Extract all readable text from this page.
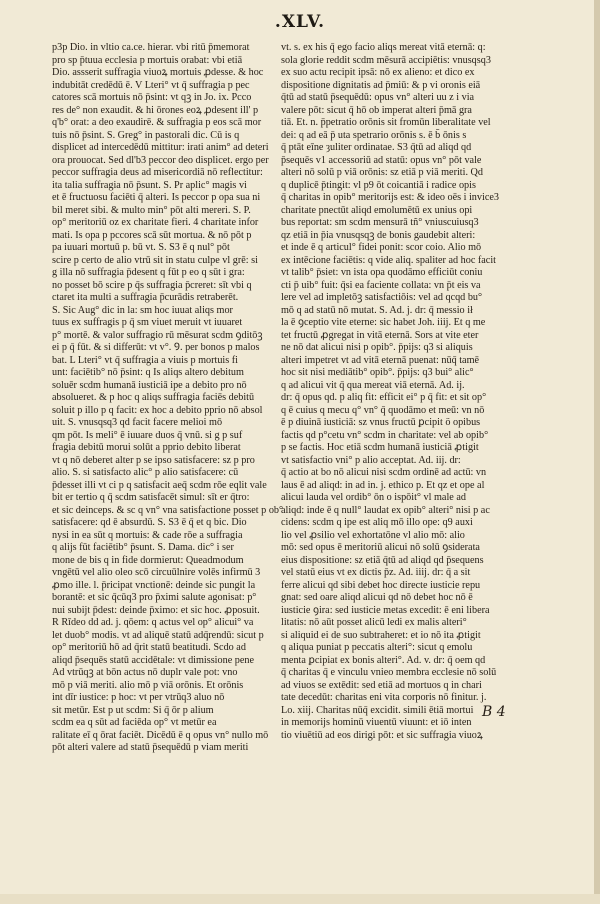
.XLV.
p3p Dio. in vltio ca.ce. hierar. vbi ritū p̄memorat
pro sp p̄tuua ecclesia p mortuis orabat: vbi etiā
Dio. assserit suffragia viuoꝝ mortuis ꝓdesse. & hoc
indubitāt credēdū ē. V Lteri° vt q̄ suffragia p pec
catores scā mortuis nō p̄sint: vt qꝫ in Jo. ix. Pcco
res de° non exaudit. & hi ōrones eoꝝ ꝓdesent ill' p
q'b° orat: a deo exaudirē. & suffragia p eos scā mor
tuis nō p̄sint. S. Greg° in pastorali dic. Cū is q
displicet ad intercedēdū mittitur: irati anim° ad deteri
ora prouocat. Sed dl'b3 peccor deo displicet. ergo per
peccor suffragia deus ad misericordiā nō reflectitur:
ita talia suffragia nō p̄sunt. S. Pr aplic° magis vi
et ē fructuosu faciēti q̄ alteri. Is peccor p opa sua ni
bil meret sibi. & multo min° pōt alti mereri. S. P.
op° meritoriū oz ex charitate fieri. 4 charitate infor
mati. Is opa p pccores scā sūt mortua. & nō pōt p
pa iuuari mortuū p. bū vt. S. S3 ē q nul° pōt
scire p certo de alio vtrū sit in statu culpe vl grē: si
g illa nō suffragia p̄desent q fūt p eo q sūt i gra:
no posset bō scire p q̄s suffragia p̄creret: sīt vbi q
ctaret ita multi a suffragia p̄curādis retraberēt.
S. Sic Aug° dic in la: sm hoc iuuat aliqs mor
tuus ex suffragis p q̄ sm viuet meruit vt iuuaret
p° mortē. & valor suffragio rū mēsurat scdm ꝯditōꝫ
ei p q̄ fūt. & si differūt: vt v°. Ꝯ. per bonos p malos
bat. L Lteri° vt q̄ suffragia a viuis p mortuis fi
unt: faciētib° nō p̄sint: q Is aliqs altero debitum
soluēr scdm humanā iusticiā ipe a debito pro nō
absolueret. & p hoc q aliqs suffragia faciēs debitū
soluit p illo p q facit: ex hoc a debito pprio nō absol
uit. S. vnusqsq3 qd facit facere melioi mō
qm pōt. Is meli° ē iuuare duos q̄ vnū. si g p suf
fragia debitū morui solūt a pprio debito liberat
vt q nō deberet alter p se ipso satisfacere: sz p pro
alio. S. si satisfacto alic° p alio satisfacere: cū
p̄desset illi vt ci p q satisfacit aeq̄ scdm rōe eqlit vale
bit er tertio q q̄ scdm satisfacēt simul: sīt er q̄tro:
et sic deinceps. & sc q vn° vna satisfactione posset p ob°
satisfacere: qd ē absurdū. S. S3 ē q̄ et q bic. Dio
nysi in ea sūt q mortuis: & cade rōe a suffragia
q alijs fūt faciētib° p̄sunt. S. Dama. dic° i ser
mone de bis q in fide dormierut: Queadmodum
vngētū vel alio oleo scō circuūlnire volēs infirmū 3
ꝓmo ille. l. p̄ricipat vnctionē: deinde sic pungit la
borantē: et sic q̄cūq3 pro p̄ximi salute agonisat: p°
nui subijt p̄dest: deinde p̄ximo: et sic hoc. ꝓposuit.
R Rīdeo dd ad. j. qōem: q actus vel op° alicui° va
let duob° modis. vt ad aliquē statū adq̄rendū: sicut p
op° meritoriū hō ad q̄rit statū beatitudi. Scdo ad
aliqd p̄sequēs statū accidētale: vt dimissione pene
Ad vtrūqꝫ at bōn actus nō duplr vale pot: vno
mō p viā meriti. alio mō p viā orōnis. Et orōnis
int dīr iustice: p hoc: vt per vtrūq3 aluo nō
sit metūr. Est p ut scdm: Si q̄ ōr p alium
scdm ea q sūt ad faciēda op° vt metūr ea
ralitate eī q ōrat faciēt. Dicēdū ē q opus vn° nullo mō
pōt alteri valere ad statū p̄sequēdū p viam meriti
vt. s. ex his q̄ ego facio aliqs mereat vitā eternā: q:
sola glorie reddit scdm mēsurā accipiētis: vnusqsq3
ex suo actu recipit ipsā: nō ex alieno: et dico ex
dispositione dignitatis ad p̄miū: & p vi oronis eiā
q̄tū ad statū p̄sequēdū: opus vn° alteri uu z i via
valere pōt: sicut q̄ hō ob imperat alteri p̄mā gra
tiā. Et. n. p̄petratio orōnis sit fromūn liberalitate vel
dei: q ad eā p̄ uta spetrario orōnis s. ē b̄ ōnis s
q̄ ptāt eīne ȝuliter ordinatae. S3 q̄tū ad aliqd qd
p̄sequēs v1 accessoriū ad statū: opus vn° pōt vale
alteri nō solū p viā orōnis: sz etiā p viā meriti. Qd
q duplicē p̄tingit: vl p9 ōt coicantiā i radice opis
q̄ charitas in opib° meritorijs est: & ideo oēs i invice3
charitate pnectūt aliqd emolumētū ex unius opi
bus reportat: sm scdm mensurā tñ° vniuscuiusq3
qz etiā in p̄ia vnusqsqꝫ de bonis gaudebit alteri:
et inde ē q articul° fidei ponit: scor coio. Alio mō
ex intēcione faciētis: q vide aliq. spaliter ad hoc facit
vt talib° p̄siet: vn ista opa quodāmo efficiūt coniu
cti p̄ uib° fuit: q̄si ea faciente collata: vn p̄t eis va
lere vel ad impletōꝫ satisfactiōis: vel ad qcqd bu°
mō q ad statū nō mutat. S. Ad. j. dr: q̄ messio ił
la ē ꝯceptio vite eterne: sic habet Joh. iiij. Et q me
tet fructū ꝓgregat in vitā eternā. Sors at vite eter
ne nō dat alicui nisi p opib°. p̄pijs: q3 si aliquis
alteri impetret vt ad vitā eternā puenat: nūq̄ tamē
hoc sit nisi mediātib° opib°. p̄pijs: q3 bui° alic°
q ad alicui vit q̄ qua mereat viā eternā. Ad. ij.
dr: q̄ opus qd. p aliq fit: efficit ei° p q̄ fit: et sit op°
q ē cuius q mecu q° vn° q̄ quodāmo et meū: vn nō
ē p diuinā iusticiā: sz vnus fructū ꝑcipit ö opibus
factis qd p°cetu vn° scdm in charitate: vel ab opib°
p se factis. Hoc etiā scdm humanā iusticiā ꝓtigit
vt satisfactio vni° p alio acceptat. Ad. iij. dr:
q̄ actio at bo nō alicui nisi scdm ordinē ad actū: vn
laus ē ad aliqd: in ad in. j. ethico p. Et qz et ope al
alicui lauda vel ordib° ōn o ispōit° vl male ad
aliqd: inde ē q null° laudat ex opib° alteri° nisi p ac
cidens: scdm q ipe est aliq mō illo ope: q9 auxi
lio vel ꝓsilio vel exhortatōne vl alio mō: alio
mō: sed opus ē meritoriū alicui nō solū ꝯsiderata
eius dispositione: sz etiā q̄tū ad aliqd qd p̄sequens
vel statū eius vt ex dictis p̄z. Ad. iiij. dr: q̄ a sit
ferre alicui qd sibi debet hoc directe iusticie repu
gnat: sed oare aliqd alicui qd nō debet hoc nō ē
iusticie ꝯira: sed iusticie metas excedit: ē eni libera
litatis: nō aūt posset alicū ledi ex malis alteri°
si aliquid ei de suo subtraheret: et io nō ita ꝓtigit
q aliqua puniat p peccatis alteri°: sicut q emolu
menta ꝑcipiat ex bonis alteri°. Ad. v. dr: q̄ oem qd
q̄ charitas q̄ e vinculu vnieo membra ecclesie nō solū
ad viuos se extēdit: sed etiā ad mortuos q in chari
tate decedūt: charitas eni vita corporis nō finitur. j.
Lo. xiij. Charitas nūq̄ excidit. simili ētiā mortui
in memorijs hominū viuentū viuunt: et iō inten
tio viuētiū ad eos dirigi pōt: et sic suffragia viuoꝝ
B 4
